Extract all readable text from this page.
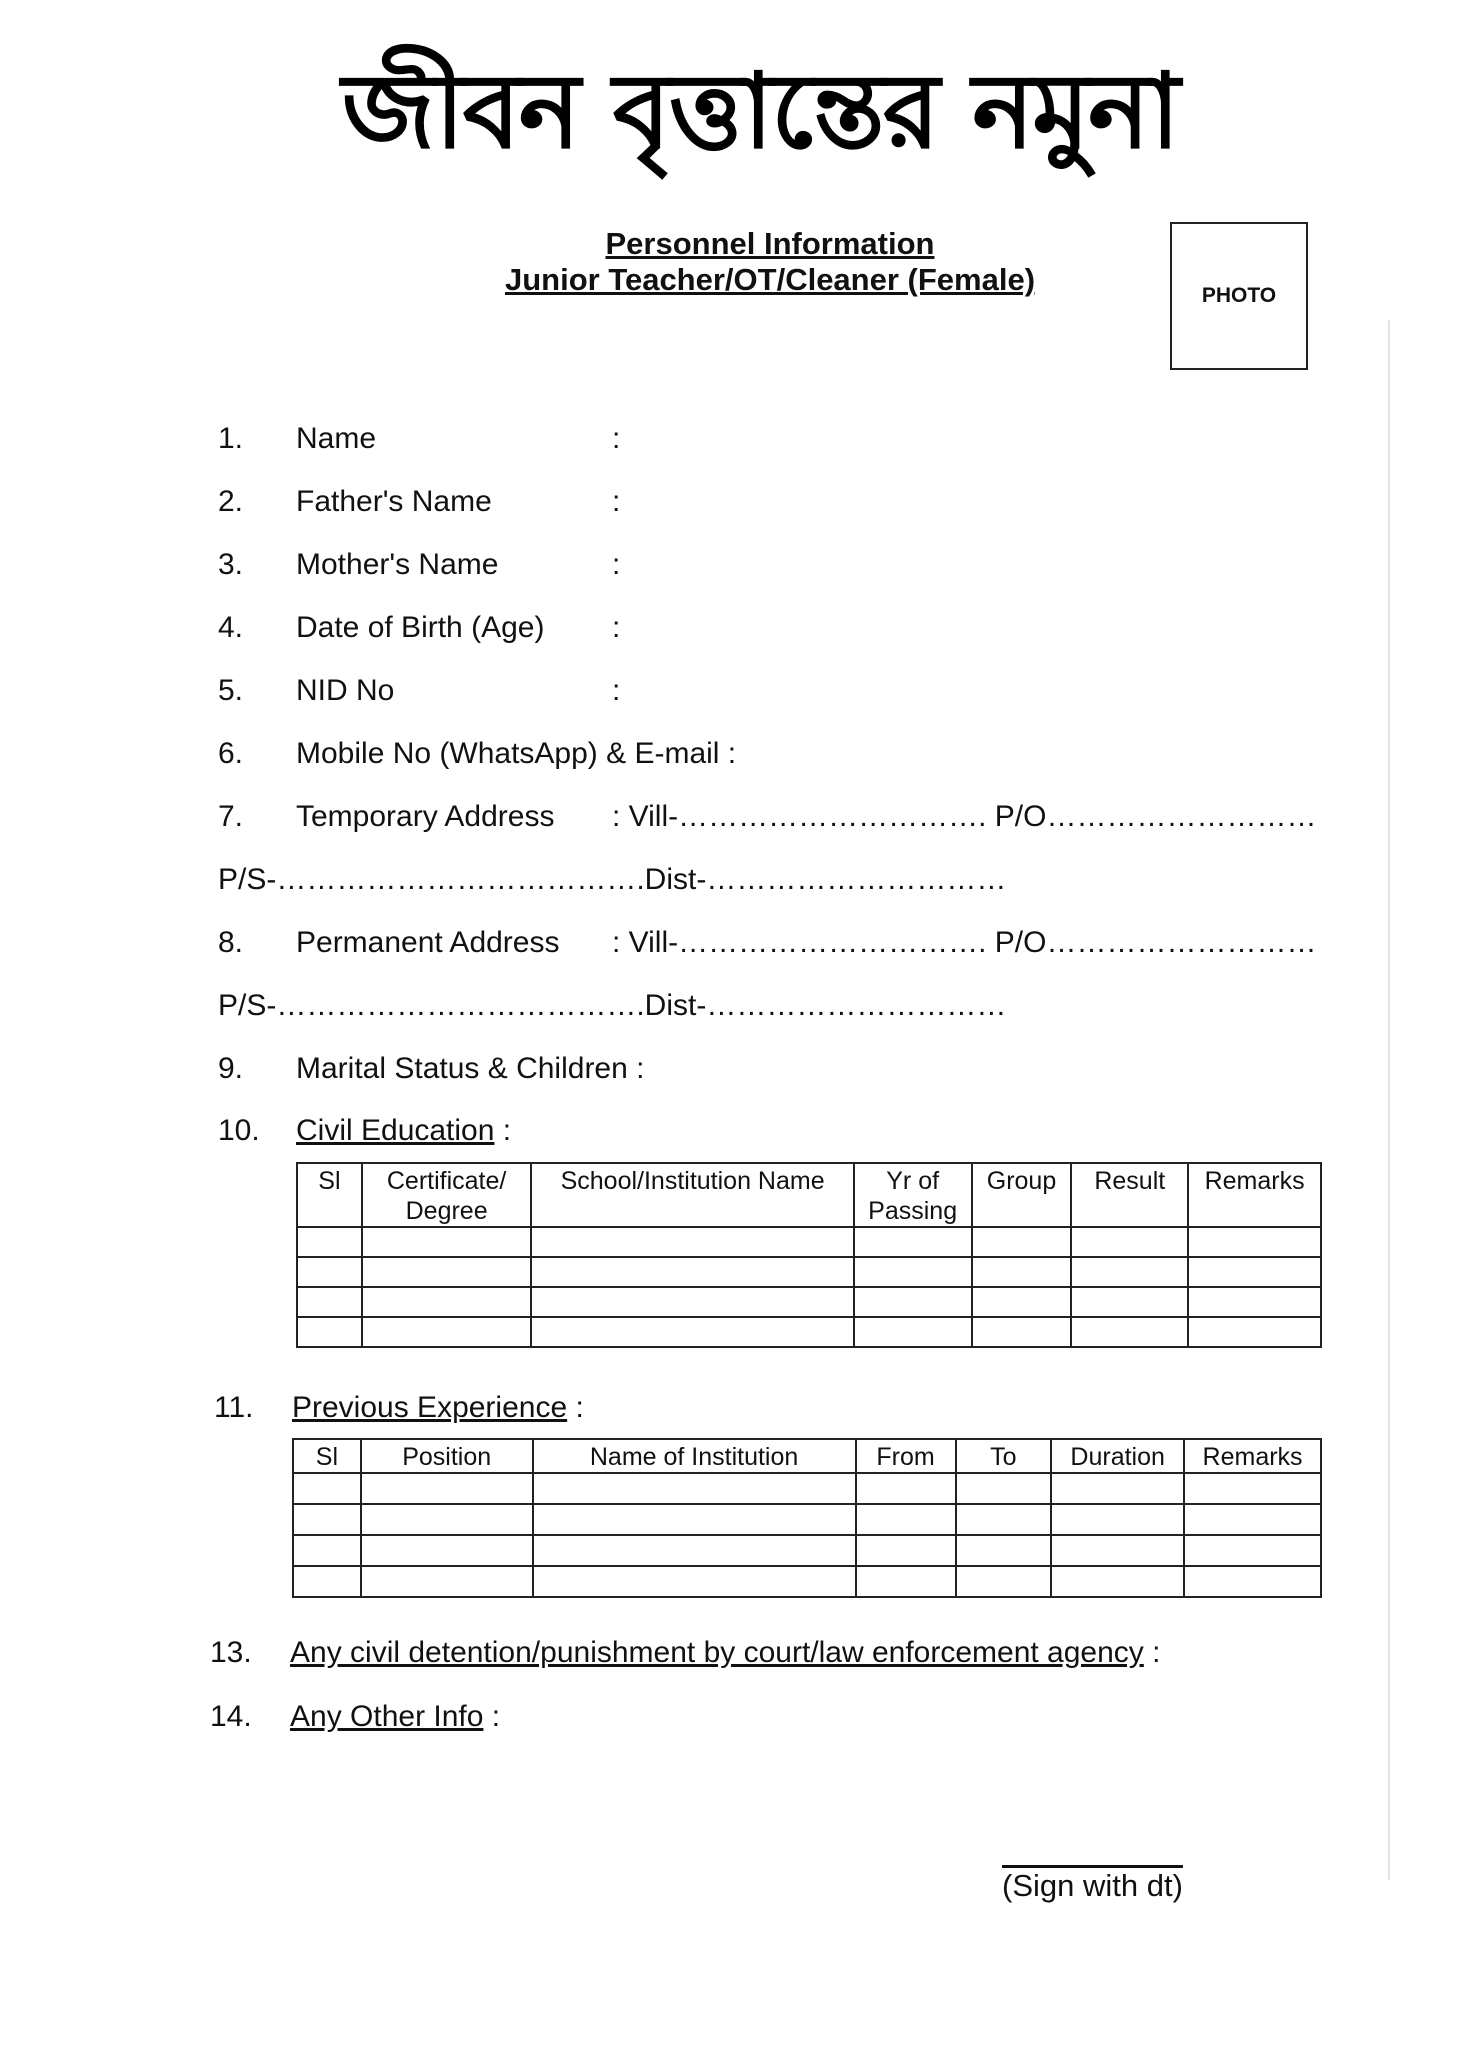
জীবন বৃত্তান্তের নমুনা
Personnel Information
Junior Teacher/OT/Cleaner (Female)	PHOTO
1. Name	:
2. Father's Name	:
3. Mother's Name	:
4. Date of Birth (Age) :
5. NID No	:
6. Mobile No (WhatsApp) & E-mail :
7. Temporary Address : Vill-…………………………. P/O………………………
P/S-……………………………….Dist-…………………………
8. Permanent Address : Vill-…………………………. P/O………………………
P/S-……………………………….Dist-…………………………
9. Marital Status & Children :
10. Civil Education :
Sl	Certificate/ Degree	School/Institution Name	Yr of Passing	Group	Result	Remarks

11. Previous Experience :
Sl	Position	Name of Institution	From	To	Duration	Remarks

13. Any civil detention/punishment by court/law enforcement agency :
14. Any Other Info :
(Sign with dt)
